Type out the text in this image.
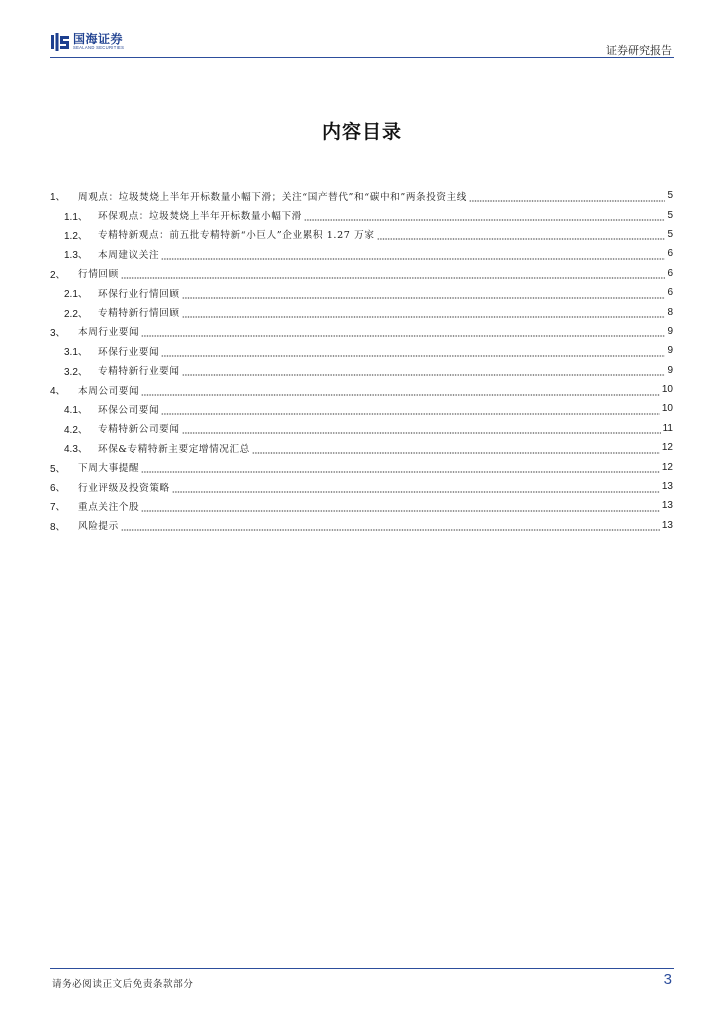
国海证券
SEALAND SECURITIES	证券研究报告
内容目录
1、	周观点：垃圾焚烧上半年开标数量小幅下滑；关注“国产替代”和“碳中和”两条投资主线	5
1.1、	环保观点：垃圾焚烧上半年开标数量小幅下滑	5
1.2、	专精特新观点：前五批专精特新“小巨人”企业累积 1.27 万家	5
1.3、	本周建议关注	6
2、	行情回顾	6
2.1、	环保行业行情回顾	6
2.2、	专精特新行情回顾	8
3、	本周行业要闻	9
3.1、	环保行业要闻	9
3.2、	专精特新行业要闻	9
4、	本周公司要闻	10
4.1、	环保公司要闻	10
4.2、	专精特新公司要闻	11
4.3、	环保&专精特新主要定增情况汇总	12
5、	下周大事提醒	12
6、	行业评级及投资策略	13
7、	重点关注个股	13
8、	风险提示	13
请务必阅读正文后免责条款部分	3
